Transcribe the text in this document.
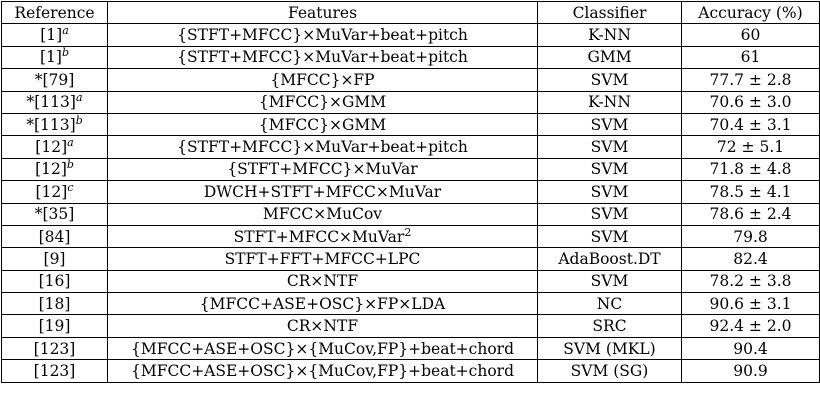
Reference	Features	Classifier	Accuracy (%)
$[1]^a$	{STFT+MFCC}×MuVar+beat+pitch	K-NN	60
$[1]^b$	{STFT+MFCC}×MuVar+beat+pitch	GMM	61
*[79]	{MFCC}×FP	SVM	77.7 ± 2.8
$*[113]^a$	{MFCC}×GMM	K-NN	70.6 ± 3.0
$*[113]^b$	{MFCC}×GMM	SVM	70.4 ± 3.1
$[12]^a$	{STFT+MFCC}×MuVar+beat+pitch	SVM	72 ± 5.1
$[12]^b$	{STFT+MFCC}×MuVar	SVM	71.8 ± 4.8
$[12]^c$	DWCH+STFT+MFCC×MuVar	SVM	78.5 ± 4.1
*[35]	MFCC×MuCov	SVM	78.6 ± 2.4
[84]	STFT+MFCC×MuVar$^2$	SVM	79.8
[9]	STFT+FFT+MFCC+LPC	AdaBoost.DT	82.4
[16]	CR×NTF	SVM	78.2 ± 3.8
[18]	{MFCC+ASE+OSC}×FP×LDA	NC	90.6 ± 3.1
[19]	CR×NTF	SRC	92.4 ± 2.0
[123]	{MFCC+ASE+OSC}×{MuCov,FP}+beat+chord	SVM (MKL)	90.4
[123]	{MFCC+ASE+OSC}×{MuCov,FP}+beat+chord	SVM (SG)	90.9
